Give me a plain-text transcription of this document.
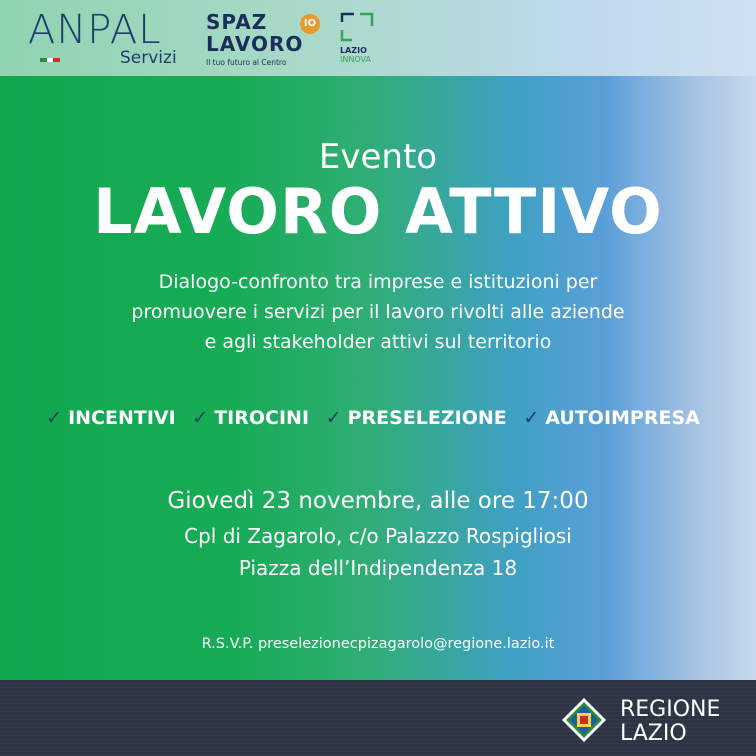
ANPAL
Servizi
SPAZ	IO
LAVORO
Il tuo futuro al Centro
LAZIO
INNOVA
Evento
LAVORO ATTIVO
Dialogo-confronto tra imprese e istituzioni per
promuovere i servizi per il lavoro rivolti alle aziende
e agli stakeholder attivi sul territorio
✓ INCENTIVI ✓ TIROCINI ✓ PRESELEZIONE ✓ AUTOIMPRESA
Giovedì 23 novembre, alle ore 17:00
Cpl di Zagarolo, c/o Palazzo Rospigliosi
Piazza dell’Indipendenza 18
R.S.V.P. preselezionecpizagarolo@regione.lazio.it
REGIONE
LAZIO
